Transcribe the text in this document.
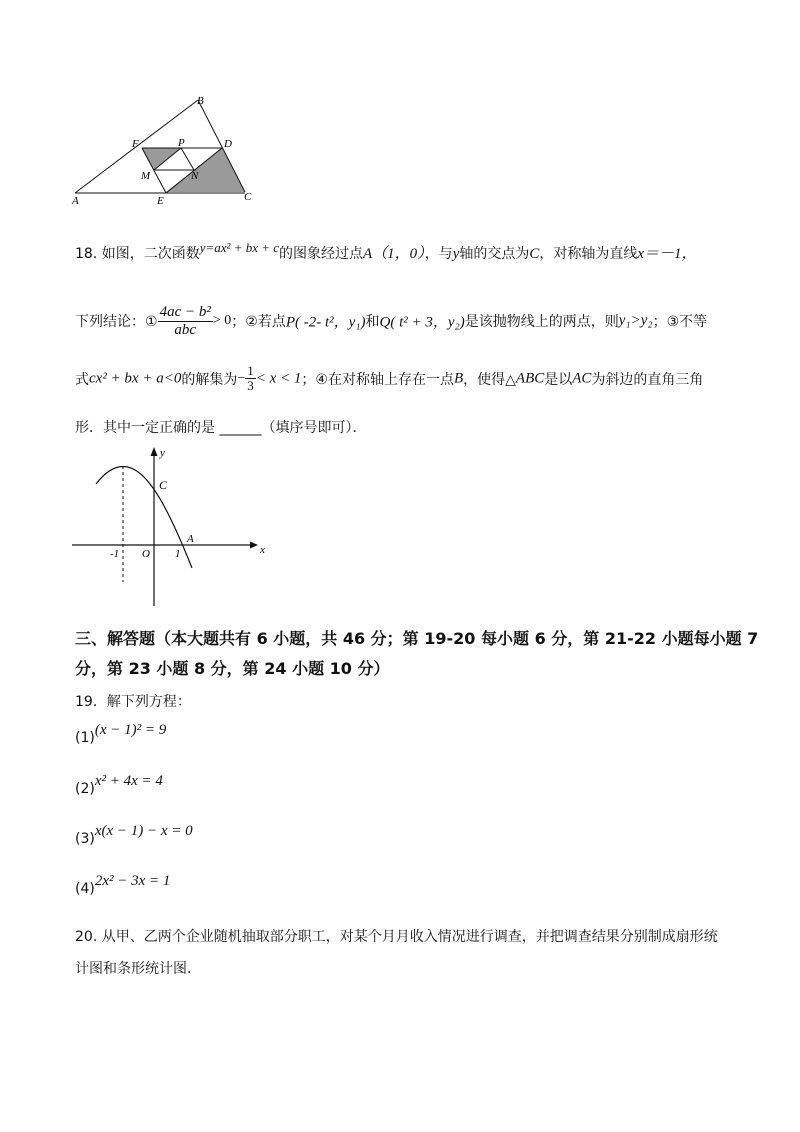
A
B
C
D
E
F	P
M	N
18. 如图，二次函数y=ax² + bx + c的图象经过点A（1，0），与y轴的交点为C，对称轴为直线x＝－1，
下列结论：① $\frac{\text{4ac − b²}}{\text{abc}} > 0$；②若点P( -2- t²，y₁)和Q( t² + 3，y₂)是该抛物线上的两点，则y₁>y₂；③不等
式cx² + bx + a<0的解集为− $\frac{1}{3} < x < 1$；④在对称轴上存在一点B，使得△ABC是以AC为斜边的直角三角
形．其中一定正确的是 ______（填序号即可）．
y
x
C
A
O
-1	1
三、解答题（本大题共有 6 小题，共 46 分；第 19-20 每小题 6 分，第 21-22 小题每小题 7
分，第 23 小题 8 分，第 24 小题 10 分）
19．解下列方程：
(1)(x − 1)² = 9
(2)x² + 4x = 4
(3)x(x − 1) − x = 0
(4)2x² − 3x = 1
20. 从甲、乙两个企业随机抽取部分职工，对某个月月收入情况进行调查，并把调查结果分别制成扇形统
计图和条形统计图.
